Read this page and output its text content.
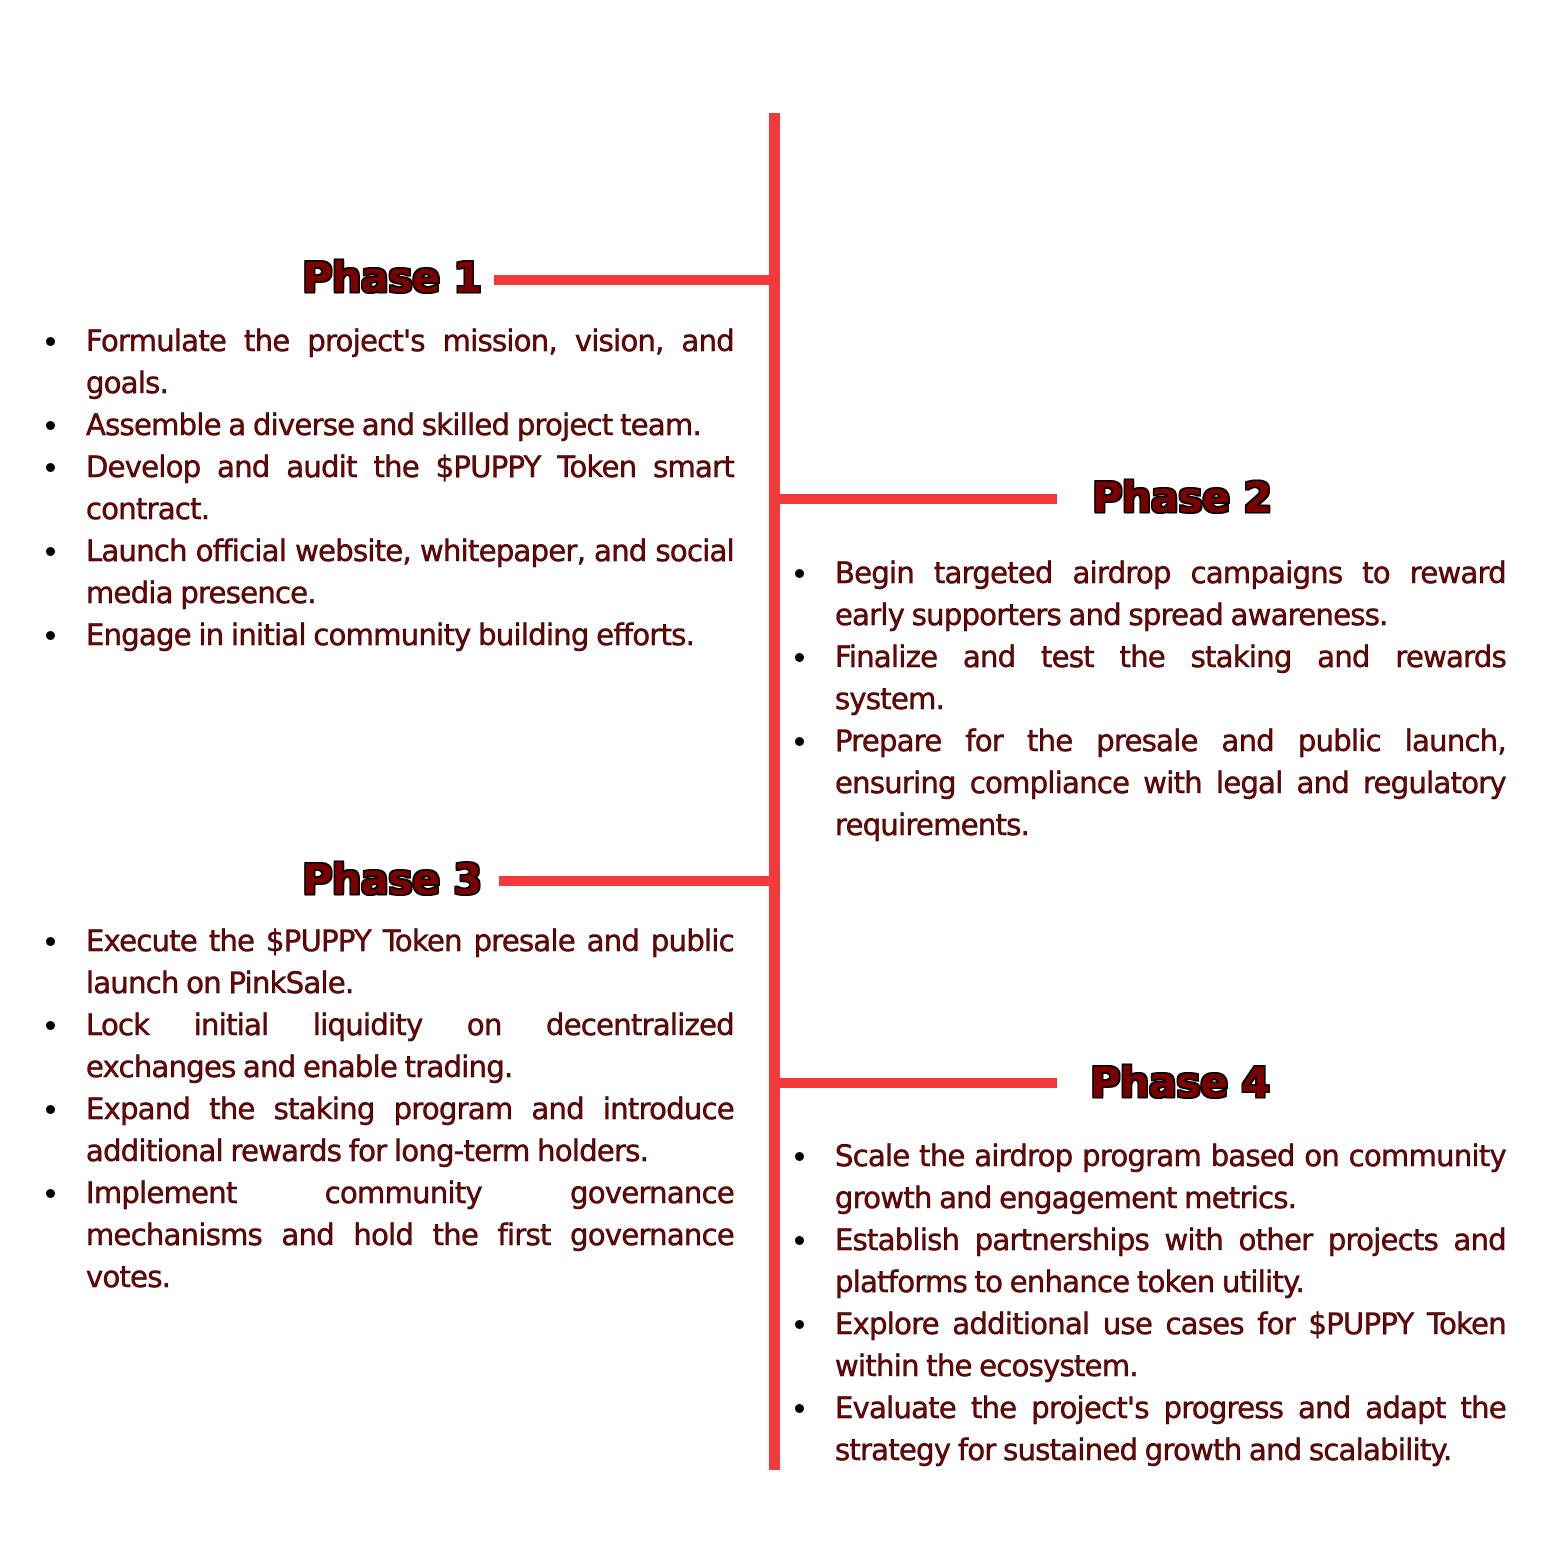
Phase 1
Formulate the project's mission, vision, and goals.
Assemble a diverse and skilled project team.
Develop and audit the $PUPPY Token smart contract.
Launch official website, whitepaper, and social media presence.
Engage in initial community building efforts.
Phase 2
Begin targeted airdrop campaigns to reward early supporters and spread awareness.
Finalize and test the staking and rewards system.
Prepare for the presale and public launch, ensuring compliance with legal and regulatory requirements.
Phase 3
Execute the $PUPPY Token presale and public launch on PinkSale.
Lock initial liquidity on decentralized exchanges and enable trading.
Expand the staking program and introduce additional rewards for long-term holders.
Implement community governance mechanisms and hold the first governance votes.
Phase 4
Scale the airdrop program based on community growth and engagement metrics.
Establish partnerships with other projects and platforms to enhance token utility.
Explore additional use cases for $PUPPY Token within the ecosystem.
Evaluate the project's progress and adapt the strategy for sustained growth and scalability.
